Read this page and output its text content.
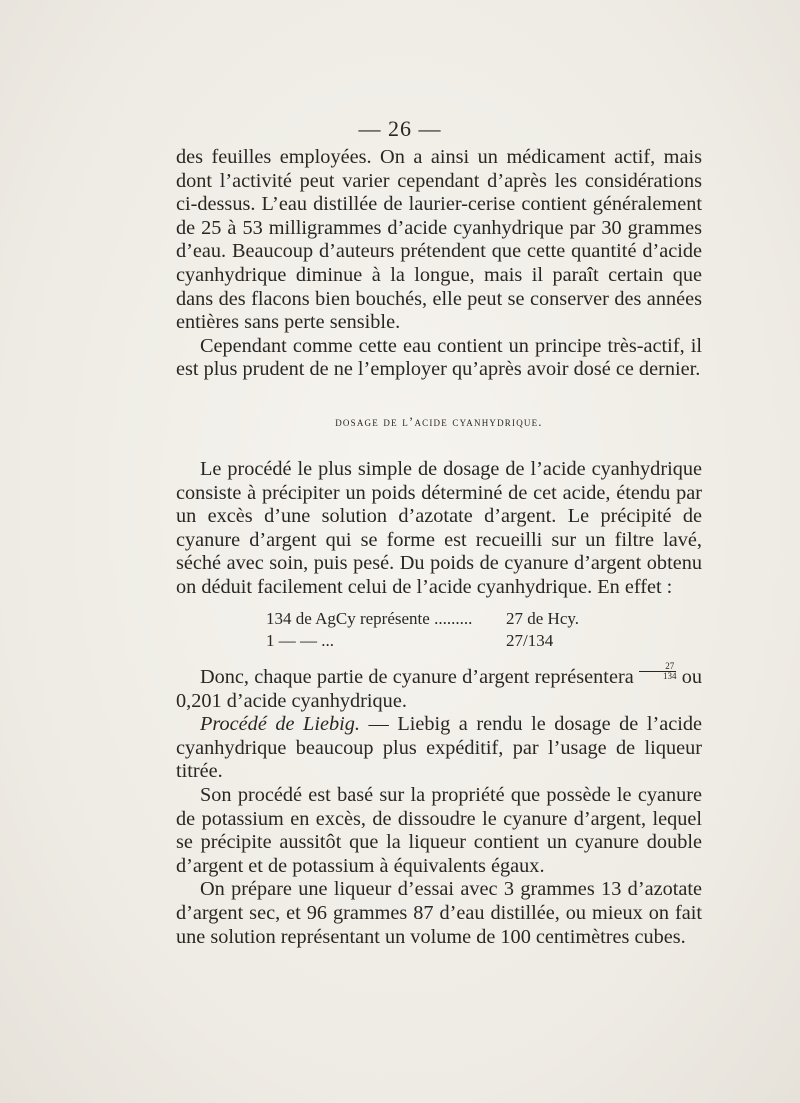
— 26 —

des feuilles employées. On a ainsi un médicament actif, mais dont l’activité peut varier cependant d’après les considérations ci-dessus. L’eau distillée de laurier-cerise contient généralement de 25 à 53 milligrammes d’acide cyanhydrique par 30 grammes d’eau. Beaucoup d’auteurs prétendent que cette quantité d’acide cyanhydrique diminue à la longue, mais il paraît certain que dans des flacons bien bouchés, elle peut se conserver des années entières sans perte sensible.

Cependant comme cette eau contient un principe très-actif, il est plus prudent de ne l’employer qu’après avoir dosé ce dernier.

dosage de l’acide cyanhydrique.

Le procédé le plus simple de dosage de l’acide cyanhydrique consiste à précipiter un poids déterminé de cet acide, étendu par un excès d’une solution d’azotate d’argent. Le précipité de cyanure d’argent qui se forme est recueilli sur un filtre lavé, séché avec soin, puis pesé. Du poids de cyanure d’argent obtenu on déduit facilement celui de l’acide cyanhydrique. En effet :

134 de AgCy représente .........	27 de Hcy.
1 — — ...	27/134

Donc, chaque partie de cyanure d’argent représentera $\frac{27}{134}$ ou 0,201 d’acide cyanhydrique.

Procédé de Liebig. — Liebig a rendu le dosage de l’acide cyanhydrique beaucoup plus expéditif, par l’usage de liqueur titrée.

Son procédé est basé sur la propriété que possède le cyanure de potassium en excès, de dissoudre le cyanure d’argent, lequel se précipite aussitôt que la liqueur contient un cyanure double d’argent et de potassium à équivalents égaux.

On prépare une liqueur d’essai avec 3 grammes 13 d’azotate d’argent sec, et 96 grammes 87 d’eau distillée, ou mieux on fait une solution représentant un volume de 100 centimètres cubes.
